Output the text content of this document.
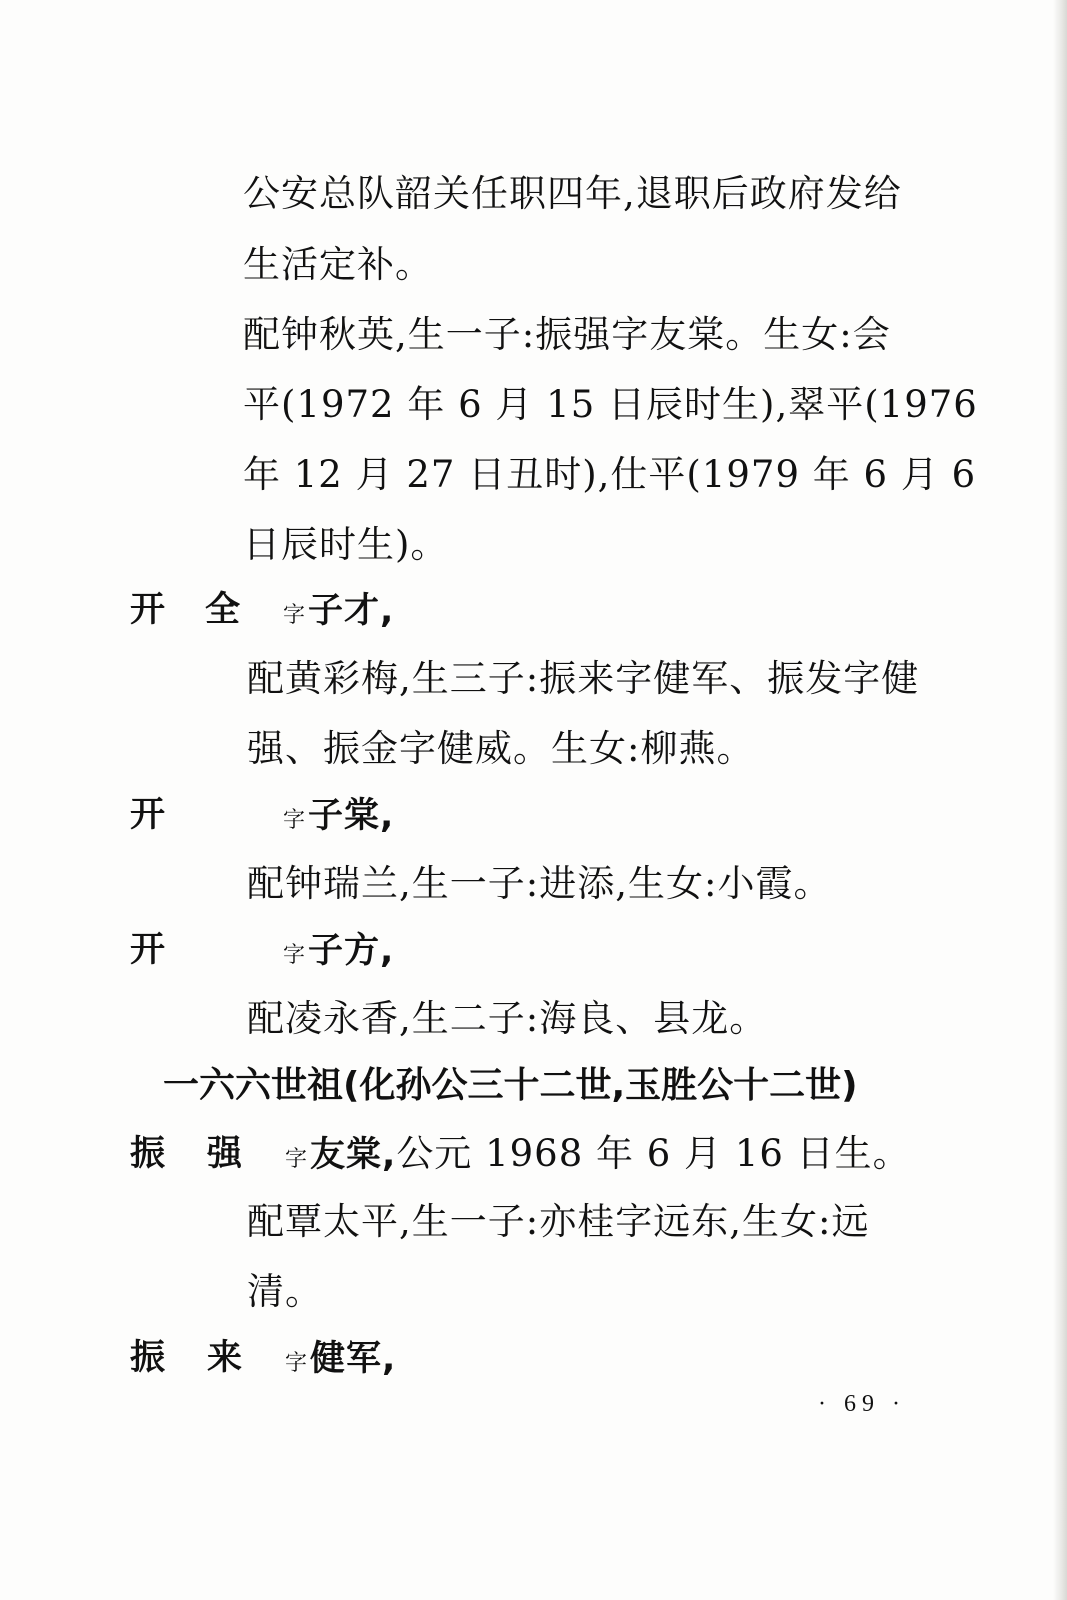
公安总队韶关任职四年,退职后政府发给
生活定补。
配钟秋英,生一子:振强字友棠。生女:会
平(1972 年 6 月 15 日辰时生),翠平(1976
年 12 月 27 日丑时),仕平(1979 年 6 月 6
日辰时生)。
开 全 字子才,
配黄彩梅,生三子:振来字健军、振发字健
强、振金字健威。生女:柳燕。
开	字子棠,
配钟瑞兰,生一子:进添,生女:小霞。
开	字子方,
配凌永香,生二子:海良、县龙。
一六六世祖(化孙公三十二世,玉胜公十二世)
振 强 字友棠,公元 1968 年 6 月 16 日生。
配覃太平,生一子:亦桂字远东,生女:远
清。
振 来 字健军,
· 69 ·
